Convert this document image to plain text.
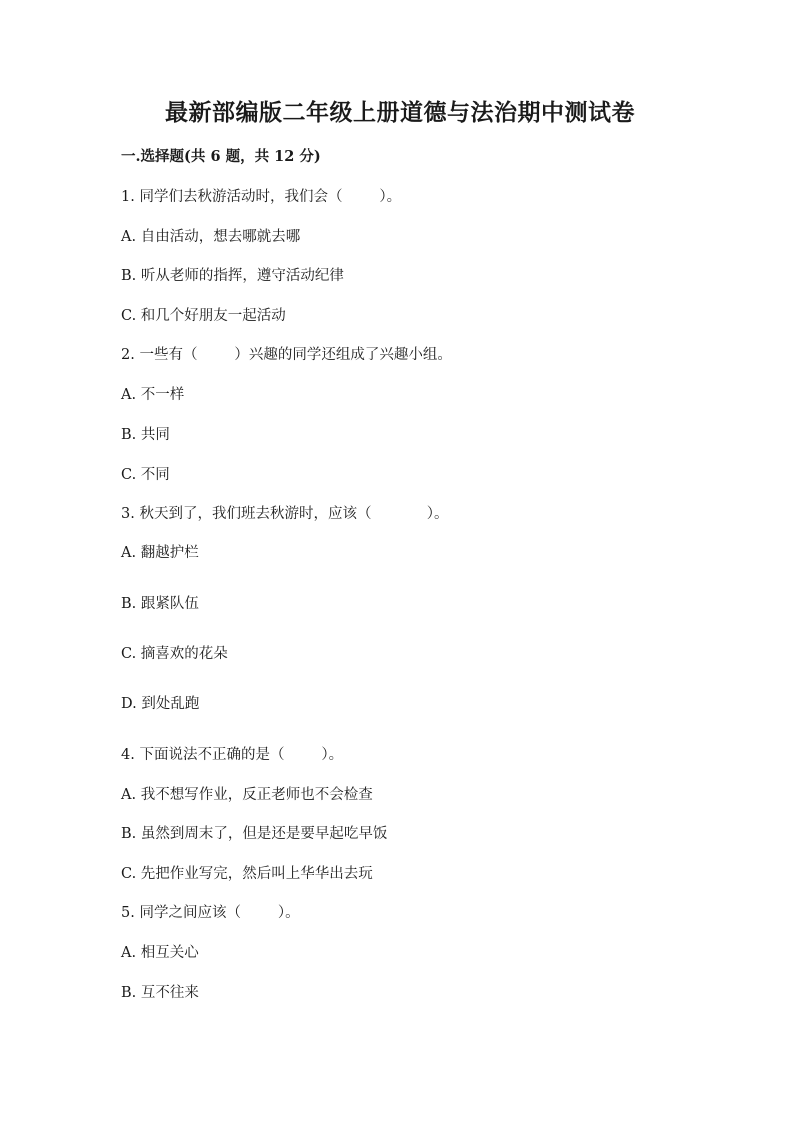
最新部编版二年级上册道德与法治期中测试卷
一.选择题(共 6 题，共 12 分)
1. 同学们去秋游活动时，我们会（        ）。
A. 自由活动，想去哪就去哪
B. 听从老师的指挥，遵守活动纪律
C. 和几个好朋友一起活动
2. 一些有（        ）兴趣的同学还组成了兴趣小组。
A. 不一样
B. 共同
C. 不同
3. 秋天到了，我们班去秋游时，应该（            ）。
A. 翻越护栏
B. 跟紧队伍
C. 摘喜欢的花朵
D. 到处乱跑
4. 下面说法不正确的是（        ）。
A. 我不想写作业，反正老师也不会检查
B. 虽然到周末了，但是还是要早起吃早饭
C. 先把作业写完，然后叫上华华出去玩
5. 同学之间应该（        ）。
A. 相互关心
B. 互不往来
